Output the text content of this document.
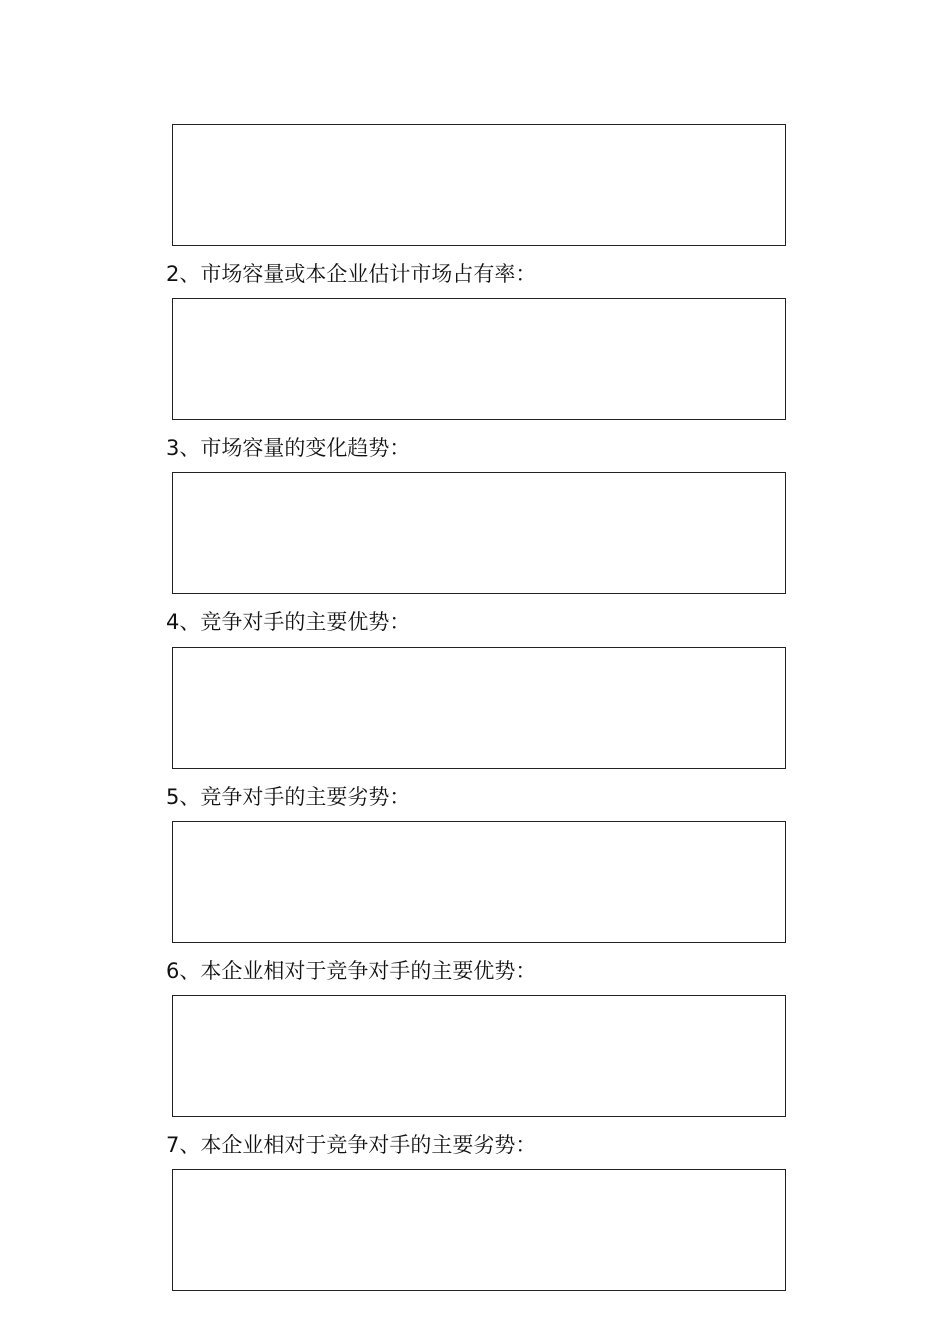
2、市场容量或本企业估计市场占有率：
3、市场容量的变化趋势：
4、竞争对手的主要优势：
5、竞争对手的主要劣势：
6、本企业相对于竞争对手的主要优势：
7、本企业相对于竞争对手的主要劣势：
